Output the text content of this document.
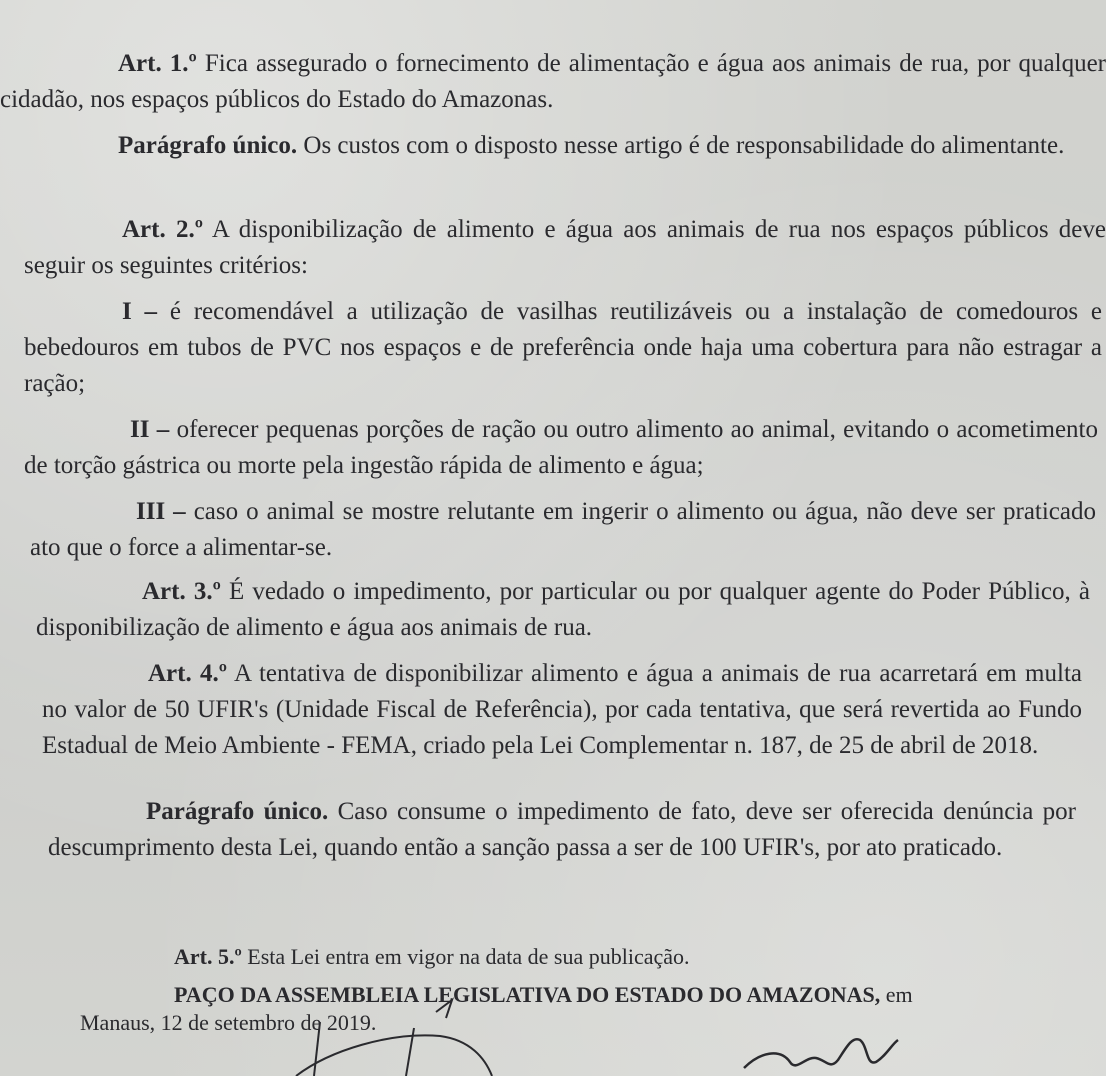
Art. 1.º Fica assegurado o fornecimento de alimentação e água aos animais de rua, por qualquer cidadão, nos espaços públicos do Estado do Amazonas.

Parágrafo único. Os custos com o disposto nesse artigo é de responsabilidade do alimentante.

Art. 2.º A disponibilização de alimento e água aos animais de rua nos espaços públicos deve seguir os seguintes critérios:

I – é recomendável a utilização de vasilhas reutilizáveis ou a instalação de comedouros e bebedouros em tubos de PVC nos espaços e de preferência onde haja uma cobertura para não estragar a ração;

II – oferecer pequenas porções de ração ou outro alimento ao animal, evitando o acometimento de torção gástrica ou morte pela ingestão rápida de alimento e água;

III – caso o animal se mostre relutante em ingerir o alimento ou água, não deve ser praticado ato que o force a alimentar-se.

Art. 3.º É vedado o impedimento, por particular ou por qualquer agente do Poder Público, à disponibilização de alimento e água aos animais de rua.

Art. 4.º A tentativa de disponibilizar alimento e água a animais de rua acarretará em multa no valor de 50 UFIR's (Unidade Fiscal de Referência), por cada tentativa, que será revertida ao Fundo Estadual de Meio Ambiente - FEMA, criado pela Lei Complementar n. 187, de 25 de abril de 2018.

Parágrafo único. Caso consume o impedimento de fato, deve ser oferecida denúncia por descumprimento desta Lei, quando então a sanção passa a ser de 100 UFIR's, por ato praticado.

Art. 5.º Esta Lei entra em vigor na data de sua publicação.

PAÇO DA ASSEMBLEIA LEGISLATIVA DO ESTADO DO AMAZONAS, em

Manaus, 12 de setembro de 2019.
